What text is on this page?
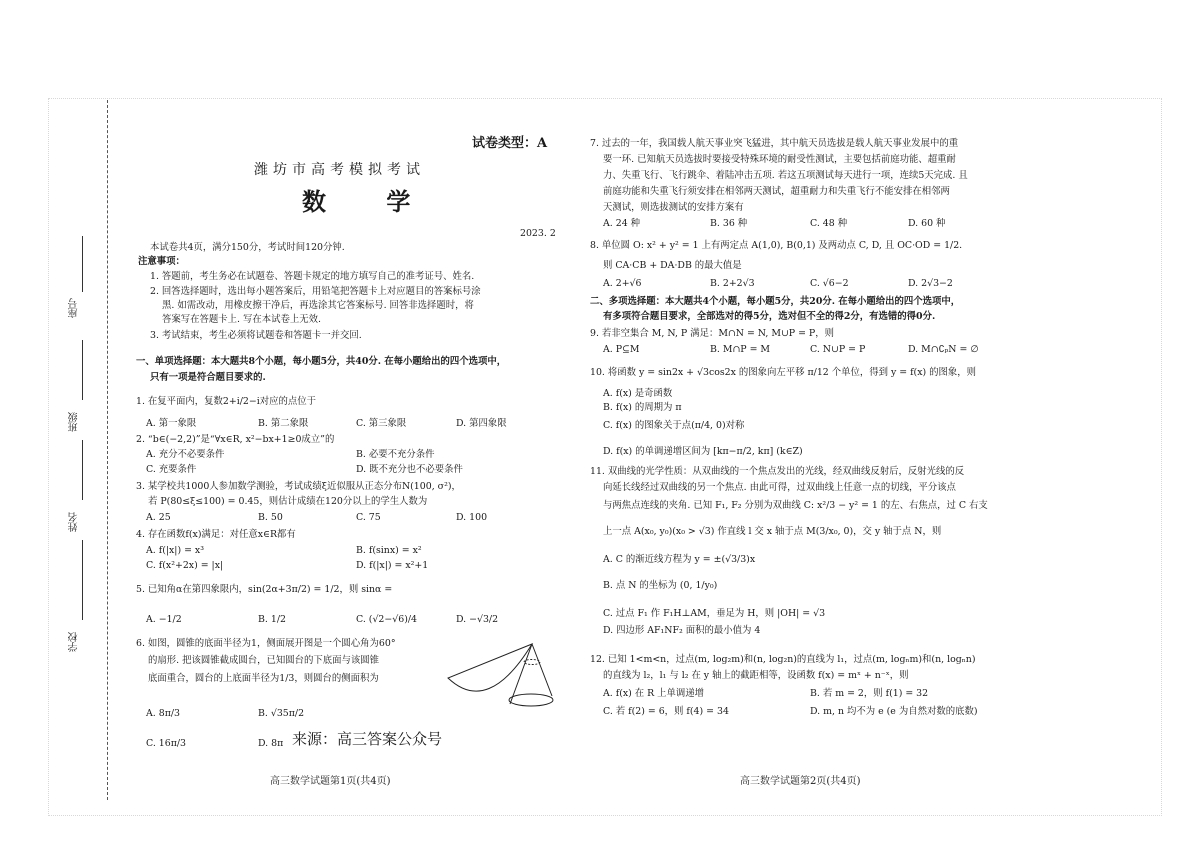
学校
姓名
班级
座号
试卷类型：A
潍坊市高考模拟考试
数 学
2023. 2
本试卷共4页，满分150分，考试时间120分钟.
注意事项：
1. 答题前，考生务必在试题卷、答题卡规定的地方填写自己的准考证号、姓名.
2. 回答选择题时，选出每小题答案后，用铅笔把答题卡上对应题目的答案标号涂
黑. 如需改动，用橡皮擦干净后，再选涂其它答案标号. 回答非选择题时，将
答案写在答题卡上. 写在本试卷上无效.
3. 考试结束，考生必须将试题卷和答题卡一并交回.
一、单项选择题：本大题共8个小题，每小题5分，共40分. 在每小题给出的四个选项中，
只有一项是符合题目要求的.
1. 在复平面内，复数2+i/2−i对应的点位于
A. 第一象限	B. 第二象限	C. 第三象限	D. 第四象限
2. “b∈(−2,2)”是“∀x∈R, x²−bx+1≥0成立”的
A. 充分不必要条件	B. 必要不充分条件
C. 充要条件	D. 既不充分也不必要条件
3. 某学校共1000人参加数学测验，考试成绩ξ近似服从正态分布N(100, σ²)，
若 P(80≤ξ≤100) = 0.45，则估计成绩在120分以上的学生人数为
A. 25	B. 50	C. 75	D. 100
4. 存在函数f(x)满足：对任意x∈R都有
A. f(|x|) = x³	B. f(sinx) = x²
C. f(x²+2x) = |x|	D. f(|x|) = x²+1
5. 已知角α在第四象限内，sin(2α+3π/2) = 1/2，则 sinα =
A. −1/2	B. 1/2	C. (√2−√6)/4	D. −√3/2
6. 如图，圆锥的底面半径为1，侧面展开图是一个圆心角为60°
的扇形. 把该圆锥截成圆台，已知圆台的下底面与该圆锥
底面重合，圆台的上底面半径为1/3，则圆台的侧面积为
A. 8π/3	B. √35π/2
C. 16π/3	D. 8π 来源：高三答案公众号
高三数学试题第1页(共4页)
7. 过去的一年，我国载人航天事业突飞猛进，其中航天员选拔是载人航天事业发展中的重
要一环. 已知航天员选拔时要接受特殊环境的耐受性测试，主要包括前庭功能、超重耐
力、失重飞行、飞行跳伞、着陆冲击五项. 若这五项测试每天进行一项，连续5天完成. 且
前庭功能和失重飞行须安排在相邻两天测试，超重耐力和失重飞行不能安排在相邻两
天测试，则选拔测试的安排方案有
A. 24 种	B. 36 种	C. 48 种	D. 60 种
8. 单位圆 O: x² + y² = 1 上有两定点 A(1,0), B(0,1) 及两动点 C, D, 且 OC·OD = 1/2.
则 CA·CB + DA·DB 的最大值是
A. 2+√6	B. 2+2√3	C. √6−2	D. 2√3−2
二、多项选择题：本大题共4个小题，每小题5分，共20分. 在每小题给出的四个选项中，
有多项符合题目要求，全部选对的得5分，选对但不全的得2分，有选错的得0分.
9. 若非空集合 M, N, P 满足：M∩N = N, M∪P = P，则
A. P⊆M	B. M∩P = M	C. N∪P = P	D. M∩∁ₚN = ∅
10. 将函数 y = sin2x + √3cos2x 的图象向左平移 π/12 个单位，得到 y = f(x) 的图象，则
A. f(x) 是奇函数
B. f(x) 的周期为 π
C. f(x) 的图象关于点(π/4, 0)对称
D. f(x) 的单调递增区间为 [kπ−π/2, kπ] (k∈Z)
11. 双曲线的光学性质：从双曲线的一个焦点发出的光线，经双曲线反射后，反射光线的反
向延长线经过双曲线的另一个焦点. 由此可得，过双曲线上任意一点的切线，平分该点
与两焦点连线的夹角. 已知 F₁, F₂ 分别为双曲线 C: x²/3 − y² = 1 的左、右焦点，过 C 右支
上一点 A(x₀, y₀)(x₀ > √3) 作直线 l 交 x 轴于点 M(3/x₀, 0)，交 y 轴于点 N，则
A. C 的渐近线方程为 y = ±(√3/3)x
B. 点 N 的坐标为 (0, 1/y₀)
C. 过点 F₁ 作 F₁H⊥AM，垂足为 H，则 |OH| = √3
D. 四边形 AF₁NF₂ 面积的最小值为 4
12. 已知 1<m<n，过点(m, log₂m)和(n, log₂n)的直线为 l₁，过点(m, logₙm)和(n, logₙn)
的直线为 l₂，l₁ 与 l₂ 在 y 轴上的截距相等，设函数 f(x) = mˣ + n⁻ˣ，则
A. f(x) 在 R 上单调递增	B. 若 m = 2，则 f(1) = 32
C. 若 f(2) = 6，则 f(4) = 34	D. m, n 均不为 e (e 为自然对数的底数)
高三数学试题第2页(共4页)
